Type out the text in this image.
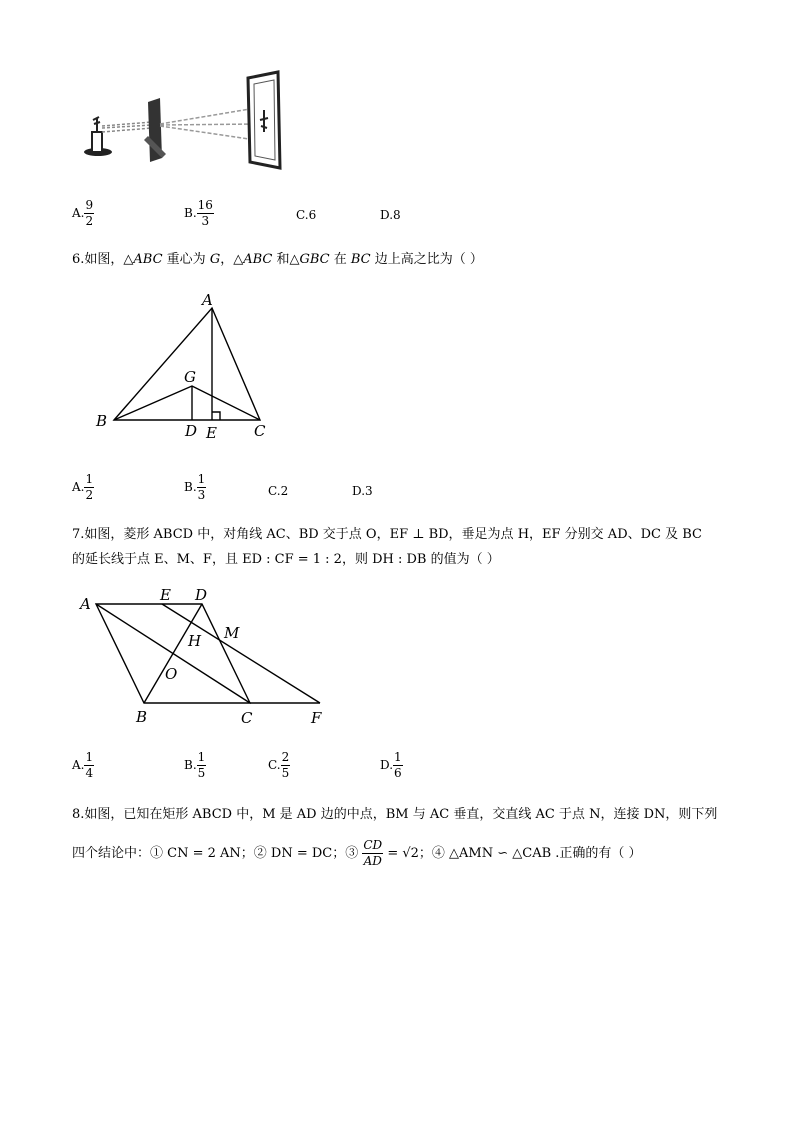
A. $\frac{9}{2}$	B. $\frac{16}{3}$	C.6	D.8
6.如图，△ABC 重心为 G，△ABC 和△GBC 在 BC 边上高之比为（ ）
A
B
C
G
D E
A. $\frac{1}{2}$	B. $\frac{1}{3}$	C.2	D.3
7.如图，菱形 ABCD 中，对角线 AC、BD 交于点 O，EF ⊥ BD，垂足为点 H，EF 分别交 AD、DC 及 BC
的延长线于点 E、M、F，且 ED : CF = 1 : 2，则 DH : DB 的值为（ ）
A	E D
M
H
O
B	C	F
A. $\frac{1}{4}$	B. $\frac{1}{5}$	C. $\frac{2}{5}$	D. $\frac{1}{6}$
8.如图，已知在矩形 ABCD 中，M 是 AD 边的中点，BM 与 AC 垂直，交直线 AC 于点 N，连接 DN，则下列
四个结论中：① CN = 2 AN；② DN = DC；③ $\frac{CD}{AD} = √2$；④ △AMN ∽ △CAB .正确的有（ ）
